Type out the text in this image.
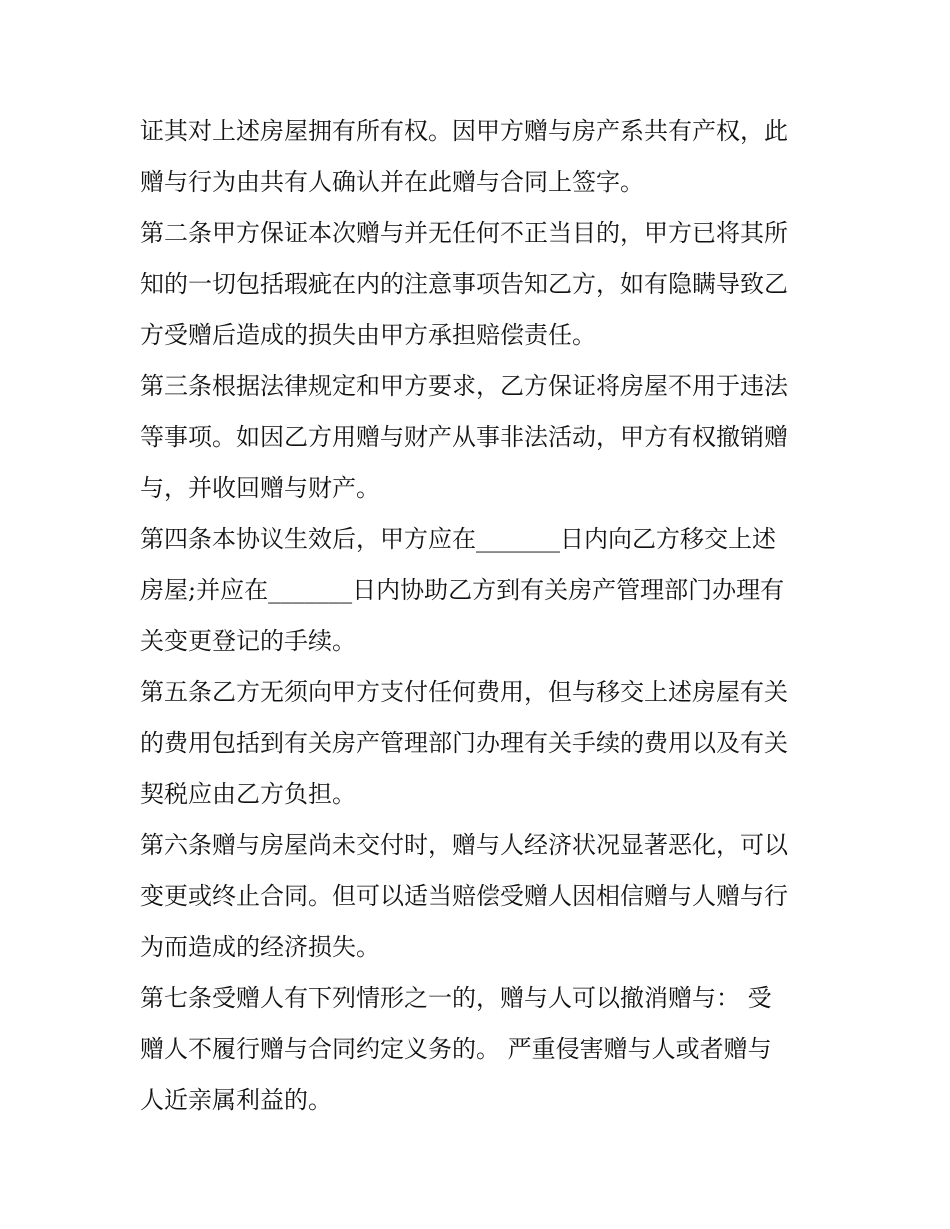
证其对上述房屋拥有所有权。因甲方赠与房产系共有产权，此
赠与行为由共有人确认并在此赠与合同上签字。
第二条甲方保证本次赠与并无任何不正当目的，甲方已将其所
知的一切包括瑕疵在内的注意事项告知乙方，如有隐瞒导致乙
方受赠后造成的损失由甲方承担赔偿责任。
第三条根据法律规定和甲方要求，乙方保证将房屋不用于违法
等事项。如因乙方用赠与财产从事非法活动，甲方有权撤销赠
与，并收回赠与财产。
第四条本协议生效后，甲方应在_______日内向乙方移交上述
房屋;并应在_______日内协助乙方到有关房产管理部门办理有
关变更登记的手续。
第五条乙方无须向甲方支付任何费用，但与移交上述房屋有关
的费用包括到有关房产管理部门办理有关手续的费用以及有关
契税应由乙方负担。
第六条赠与房屋尚未交付时，赠与人经济状况显著恶化，可以
变更或终止合同。但可以适当赔偿受赠人因相信赠与人赠与行
为而造成的经济损失。
第七条受赠人有下列情形之一的，赠与人可以撤消赠与： 受
赠人不履行赠与合同约定义务的。 严重侵害赠与人或者赠与
人近亲属利益的。
